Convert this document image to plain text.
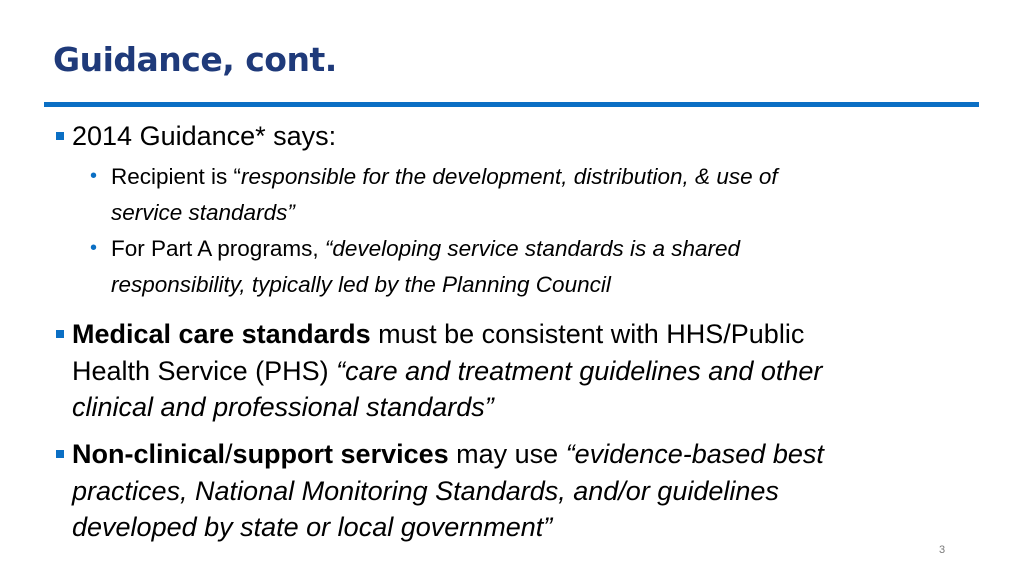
Guidance, cont.
2014 Guidance* says:
• Recipient is “responsible for the development, distribution, & use of
service standards”
• For Part A programs, “developing service standards is a shared
responsibility, typically led by the Planning Council
Medical care standards must be consistent with HHS/Public
Health Service (PHS) “care and treatment guidelines and other
clinical and professional standards”
Non-clinical/support services may use “evidence-based best
practices, National Monitoring Standards, and/or guidelines
developed by state or local government”
3
